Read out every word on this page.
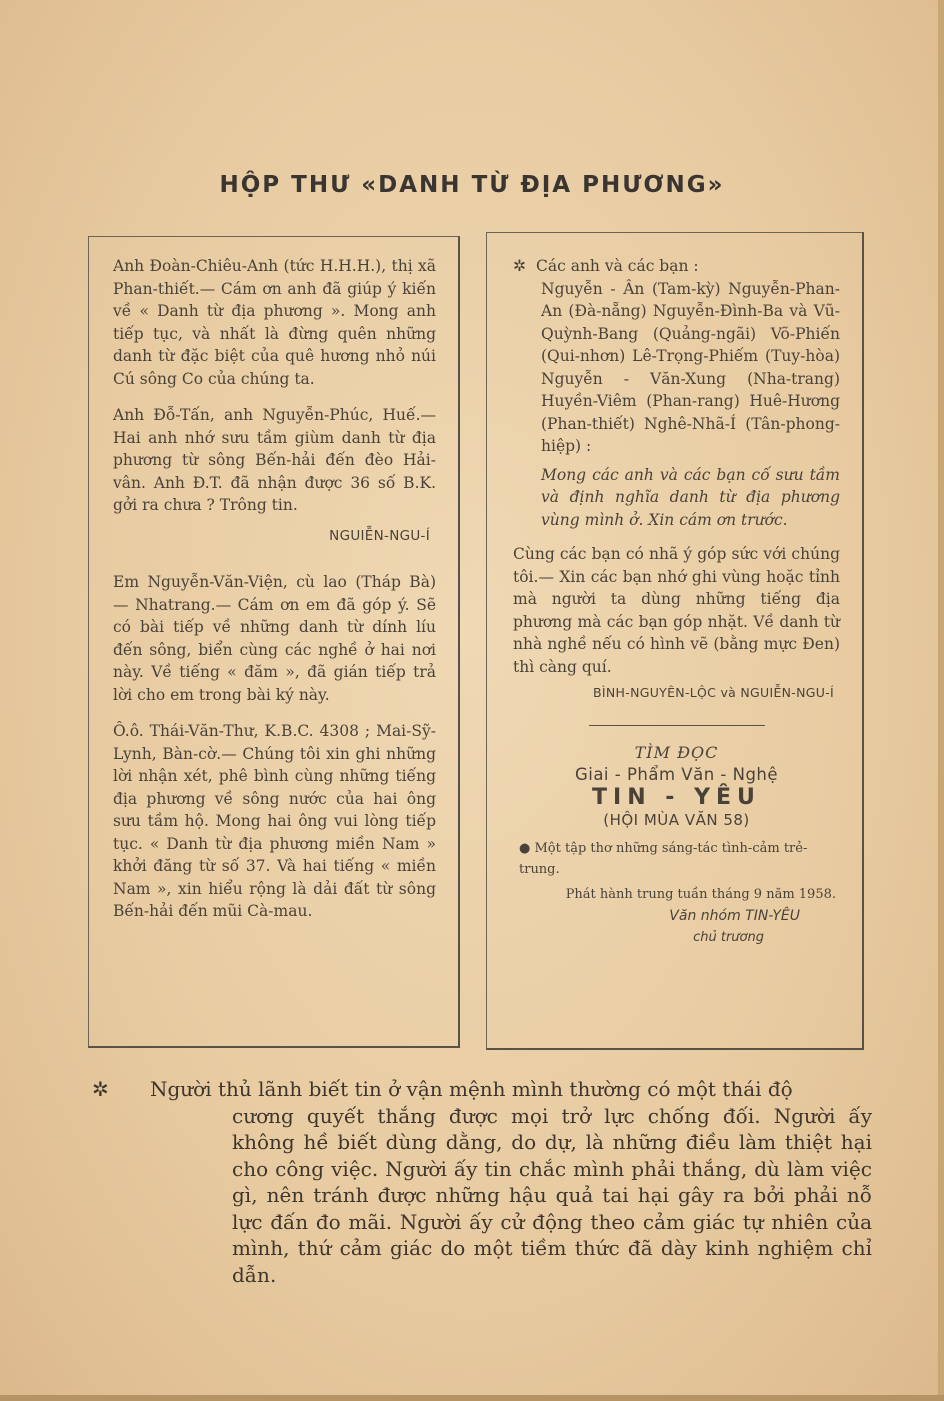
HỘP THƯ «DANH TỪ ĐỊA PHƯƠNG»

Anh Đoàn-Chiêu-Anh (tức H.H.H.), thị xã Phan-thiết.— Cám ơn anh đã giúp ý kiến về « Danh từ địa phương ». Mong anh tiếp tục, và nhất là đừng quên những danh từ đặc biệt của quê hương nhỏ núi Cú sông Co của chúng ta.

Anh Đỗ-Tấn, anh Nguyễn-Phúc, Huế.— Hai anh nhớ sưu tầm giùm danh từ địa phương từ sông Bến-hải đến đèo Hải-vân. Anh Đ.T. đã nhận được 36 số B.K. gởi ra chưa ? Trông tin.

NGUIỄN-NGU-Í

Em Nguyễn-Văn-Viện, cù lao (Tháp Bà) — Nhatrang.— Cám ơn em đã góp ý. Sẽ có bài tiếp về những danh từ dính líu đến sông, biển cùng các nghề ở hai nơi này. Về tiếng « đăm », đã gián tiếp trả lời cho em trong bài ký này.

Ô.ô. Thái-Văn-Thư, K.B.C. 4308 ; Mai-Sỹ-Lynh, Bàn-cờ.— Chúng tôi xin ghi những lời nhận xét, phê bình cùng những tiếng địa phương về sông nước của hai ông sưu tầm hộ. Mong hai ông vui lòng tiếp tục. « Danh từ địa phương miền Nam » khởi đăng từ số 37. Và hai tiếng « miền Nam », xin hiểu rộng là dải đất từ sông Bến-hải đến mũi Cà-mau.

✲ Các anh và các bạn :

Nguyễn - Ân (Tam-kỳ) Nguyễn-Phan-An (Đà-nẵng) Nguyễn-Đình-Ba và Vũ-Quỳnh-Bang (Quảng-ngãi) Võ-Phiến (Qui-nhơn) Lê-Trọng-Phiếm (Tuy-hòa) Nguyễn - Văn-Xung (Nha-trang) Huyền-Viêm (Phan-rang) Huê-Hương (Phan-thiết) Nghê-Nhã-Í (Tân-phong-hiệp) :

Mong các anh và các bạn cố sưu tầm và định nghĩa danh từ địa phương vùng mình ở. Xin cám ơn trước.

Cùng các bạn có nhã ý góp sức với chúng tôi.— Xin các bạn nhớ ghi vùng hoặc tỉnh mà người ta dùng những tiếng địa phương mà các bạn góp nhặt. Về danh từ nhà nghề nếu có hình vẽ (bằng mực Đen) thì càng quí.

BÌNH-NGUYÊN-LỘC và NGUIỄN-NGU-Í

TÌM ĐỌC
Giai - Phẩm Văn - Nghệ
TIN - YÊU
(HỘI MÙA VĂN 58)
● Một tập thơ những sáng-tác tình-cảm trẻ-trung.
Phát hành trung tuần tháng 9 năm 1958.
Văn nhóm TIN-YÊU
chủ trương
✲ Người thủ lãnh biết tin ở vận mệnh mình thường có một thái độ

cương quyết thắng được mọi trở lực chống đối. Người ấy không hề biết dùng dằng, do dự, là những điều làm thiệt hại cho công việc. Người ấy tin chắc mình phải thắng, dù làm việc gì, nên tránh được những hậu quả tai hại gây ra bởi phải nỗ lực đấn đo mãi. Người ấy cử động theo cảm giác tự nhiên của mình, thứ cảm giác do một tiềm thức đã dày kinh nghiệm chỉ dẫn.
